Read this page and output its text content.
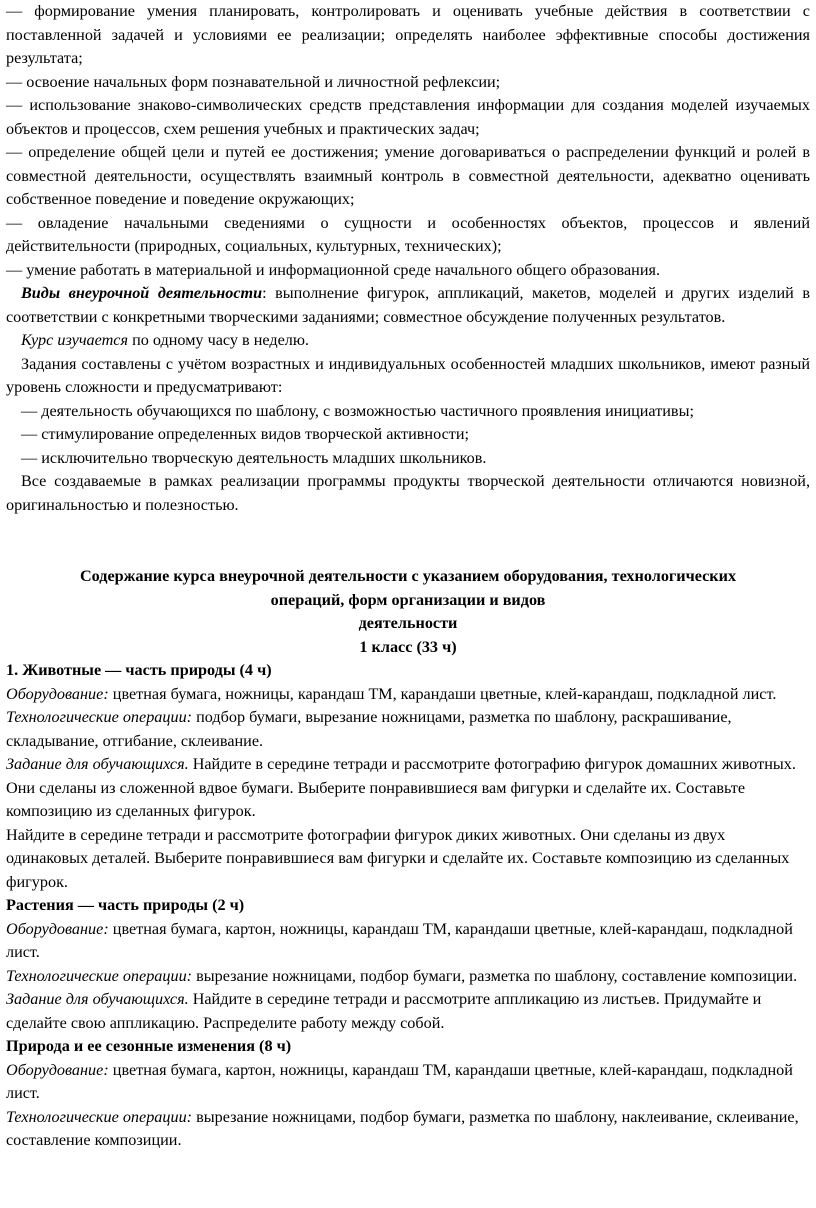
— формирование умения планировать, контролировать и оценивать учебные действия в соответствии с поставленной задачей и условиями ее реализации; определять наиболее эффективные способы достижения результата;

— освоение начальных форм познавательной и личностной рефлексии;

— использование знаково-символических средств представления информации для создания моделей изучаемых объектов и процессов, схем решения учебных и практических задач;

— определение общей цели и путей ее достижения; умение договариваться о распределении функций и ролей в совместной деятельности, осуществлять взаимный контроль в совместной деятельности, адекватно оценивать собственное поведение и поведение окружающих;

— овладение начальными сведениями о сущности и особенностях объектов, процессов и явлений действительности (природных, социальных, культурных, технических);

— умение работать в материальной и информационной среде начального общего образования.

Виды внеурочной деятельности: выполнение фигурок, аппликаций, макетов, моделей и других изделий в соответствии с конкретными творческими заданиями; совместное обсуждение полученных результатов.

Курс изучается по одному часу в неделю.

Задания составлены с учётом возрастных и индивидуальных особенностей младших школьников, имеют разный уровень сложности и предусматривают:

— деятельность обучающихся по шаблону, с возможностью частичного проявления инициативы;

— стимулирование определенных видов творческой активности;

— исключительно творческую деятельность младших школьников.

Все создаваемые в рамках реализации программы продукты творческой деятельности отличаются новизной, оригинальностью и полезностью.

Содержание курса внеурочной деятельности с указанием оборудования, технологических

операций, форм организации и видов

деятельности

1 класс (33 ч)

1. Животные — часть природы (4 ч)

Оборудование: цветная бумага, ножницы, карандаш ТМ, карандаши цветные, клей-карандаш, подкладной лист.

Технологические операции: подбор бумаги, вырезание ножницами, разметка по шаблону, раскрашивание, складывание, отгибание, склеивание.

Задание для обучающихся. Найдите в середине тетради и рассмотрите фотографию фигурок домашних животных. Они сделаны из сложенной вдвое бумаги. Выберите понравившиеся вам фигурки и сделайте их. Составьте композицию из сделанных фигурок.

Найдите в середине тетради и рассмотрите фотографии фигурок диких животных. Они сделаны из двух одинаковых деталей. Выберите понравившиеся вам фигурки и сделайте их. Составьте композицию из сделанных фигурок.

Растения — часть природы (2 ч)

Оборудование: цветная бумага, картон, ножницы, карандаш ТМ, карандаши цветные, клей-карандаш, подкладной лист.

Технологические операции: вырезание ножницами, подбор бумаги, разметка по шаблону, составление композиции.

Задание для обучающихся. Найдите в середине тетради и рассмотрите аппликацию из листьев. Придумайте и сделайте свою аппликацию. Распределите работу между собой.

Природа и ее сезонные изменения (8 ч)

Оборудование: цветная бумага, картон, ножницы, карандаш ТМ, карандаши цветные, клей-карандаш, подкладной лист.

Технологические операции: вырезание ножницами, подбор бумаги, разметка по шаблону, наклеивание, склеивание, составление композиции.
